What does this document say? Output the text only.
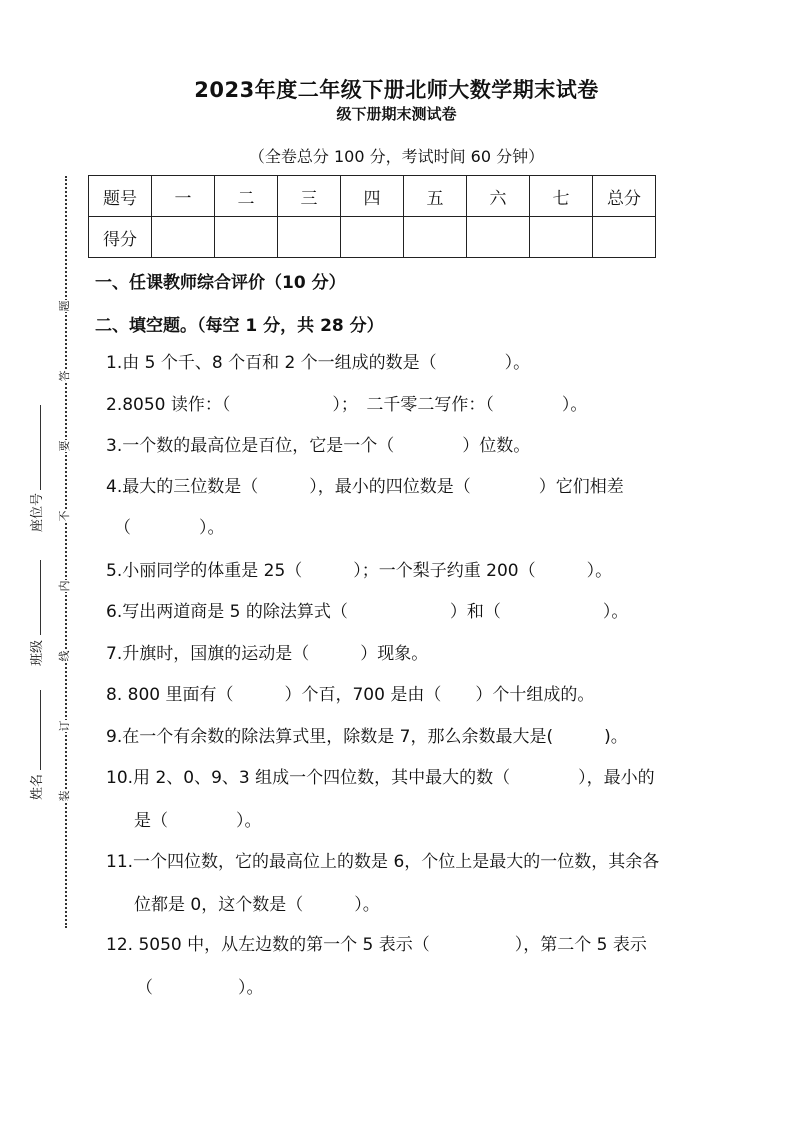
题
答
要
不
内
线
订
装
座位号
班级
姓名
2023年度二年级下册北师大数学期末试卷
级下册期末测试卷
（全卷总分 100 分，考试时间 60 分钟）
题号	一	二	三	四	五	六	七	总分
得分								
一、任课教师综合评价（10 分）
二、填空题。（每空 1 分，共 28 分）
1.由 5 个千、8 个百和 2 个一组成的数是（　　　　）。
2.8050 读作：（　　　　　　）；　二千零二写作：（　　　　）。
3.一个数的最高位是百位，它是一个（　　　　）位数。
4.最大的三位数是（　　　），最小的四位数是（　　　　）它们相差
（　　　　）。
5.小丽同学的体重是 25（　　　）；一个梨子约重 200（　　　）。
6.写出两道商是 5 的除法算式（　　　　　　）和（　　　　　　）。
7.升旗时，国旗的运动是（　　　）现象。
8. 800 里面有（　　　）个百，700 是由（　　）个十组成的。
9.在一个有余数的除法算式里，除数是 7，那么余数最大是(　　　)。
10.用 2、0、9、3 组成一个四位数，其中最大的数（　　　　），最小的
是（　　　　）。
11.一个四位数，它的最高位上的数是 6，个位上是最大的一位数，其余各
位都是 0，这个数是（　　　）。
12. 5050 中，从左边数的第一个 5 表示（　　　　　），第二个 5 表示
（　　　　　）。
